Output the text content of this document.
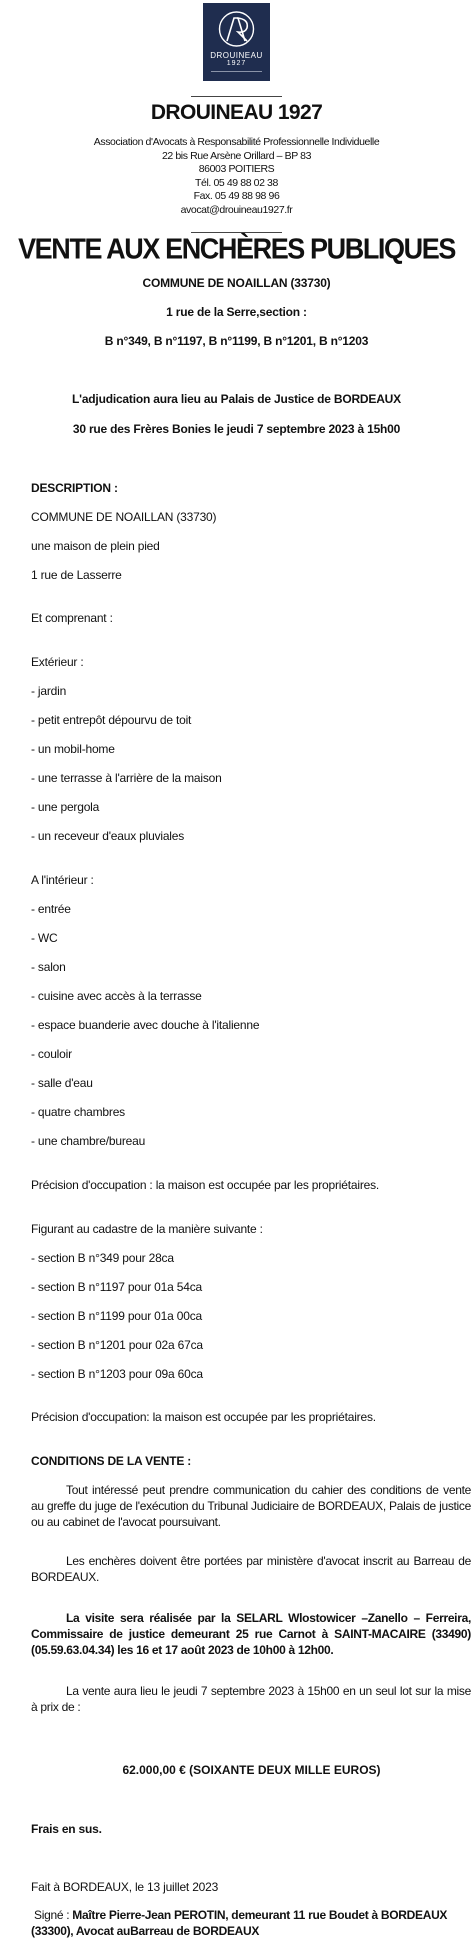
DROUINEAU
1927
DROUINEAU 1927
Association d'Avocats à Responsabilité Professionnelle Individuelle
22 bis Rue Arsène Orillard – BP 83
86003 POITIERS
Tél. 05 49 88 02 38
Fax. 05 49 88 98 96
avocat@drouineau1927.fr
VENTE AUX ENCHÈRES PUBLIQUES
COMMUNE DE NOAILLAN (33730)
1 rue de la Serre,section :
B n°349, B n°1197, B n°1199, B n°1201, B n°1203
L'adjudication aura lieu au Palais de Justice de BORDEAUX
30 rue des Frères Bonies le jeudi 7 septembre 2023 à 15h00
DESCRIPTION :
COMMUNE DE NOAILLAN (33730)
une maison de plein pied
1 rue de Lasserre
Et comprenant :
Extérieur :
- jardin
- petit entrepôt dépourvu de toit
- un mobil-home
- une terrasse à l'arrière de la maison
- une pergola
- un receveur d'eaux pluviales
A l'intérieur :
- entrée
- WC
- salon
- cuisine avec accès à la terrasse
- espace buanderie avec douche à l'italienne
- couloir
- salle d'eau
- quatre chambres
- une chambre/bureau
Précision d'occupation : la maison est occupée par les propriétaires.
Figurant au cadastre de la manière suivante :
- section B n°349 pour 28ca
- section B n°1197 pour 01a 54ca
- section B n°1199 pour 01a 00ca
- section B n°1201 pour 02a 67ca
- section B n°1203 pour 09a 60ca
Précision d'occupation: la maison est occupée par les propriétaires.
CONDITIONS DE LA VENTE :
Tout intéressé peut prendre communication du cahier des conditions de vente au greffe du juge de l'exécution du Tribunal Judiciaire de BORDEAUX, Palais de justice ou au cabinet de l'avocat poursuivant.
Les enchères doivent être portées par ministère d'avocat inscrit au Barreau de BORDEAUX.
La visite sera réalisée par la SELARL Wlostowicer –Zanello – Ferreira, Commissaire de justice demeurant 25 rue Carnot à SAINT-MACAIRE (33490) (05.59.63.04.34) les 16 et 17 août 2023 de 10h00 à 12h00.
La vente aura lieu le jeudi 7 septembre 2023 à 15h00 en un seul lot sur la mise à prix de :
62.000,00 € (SOIXANTE DEUX MILLE EUROS)
Frais en sus.
Fait à BORDEAUX, le 13 juillet 2023
Signé : Maître Pierre-Jean PEROTIN, demeurant 11 rue Boudet à BORDEAUX (33300), Avocat auBarreau de BORDEAUX
